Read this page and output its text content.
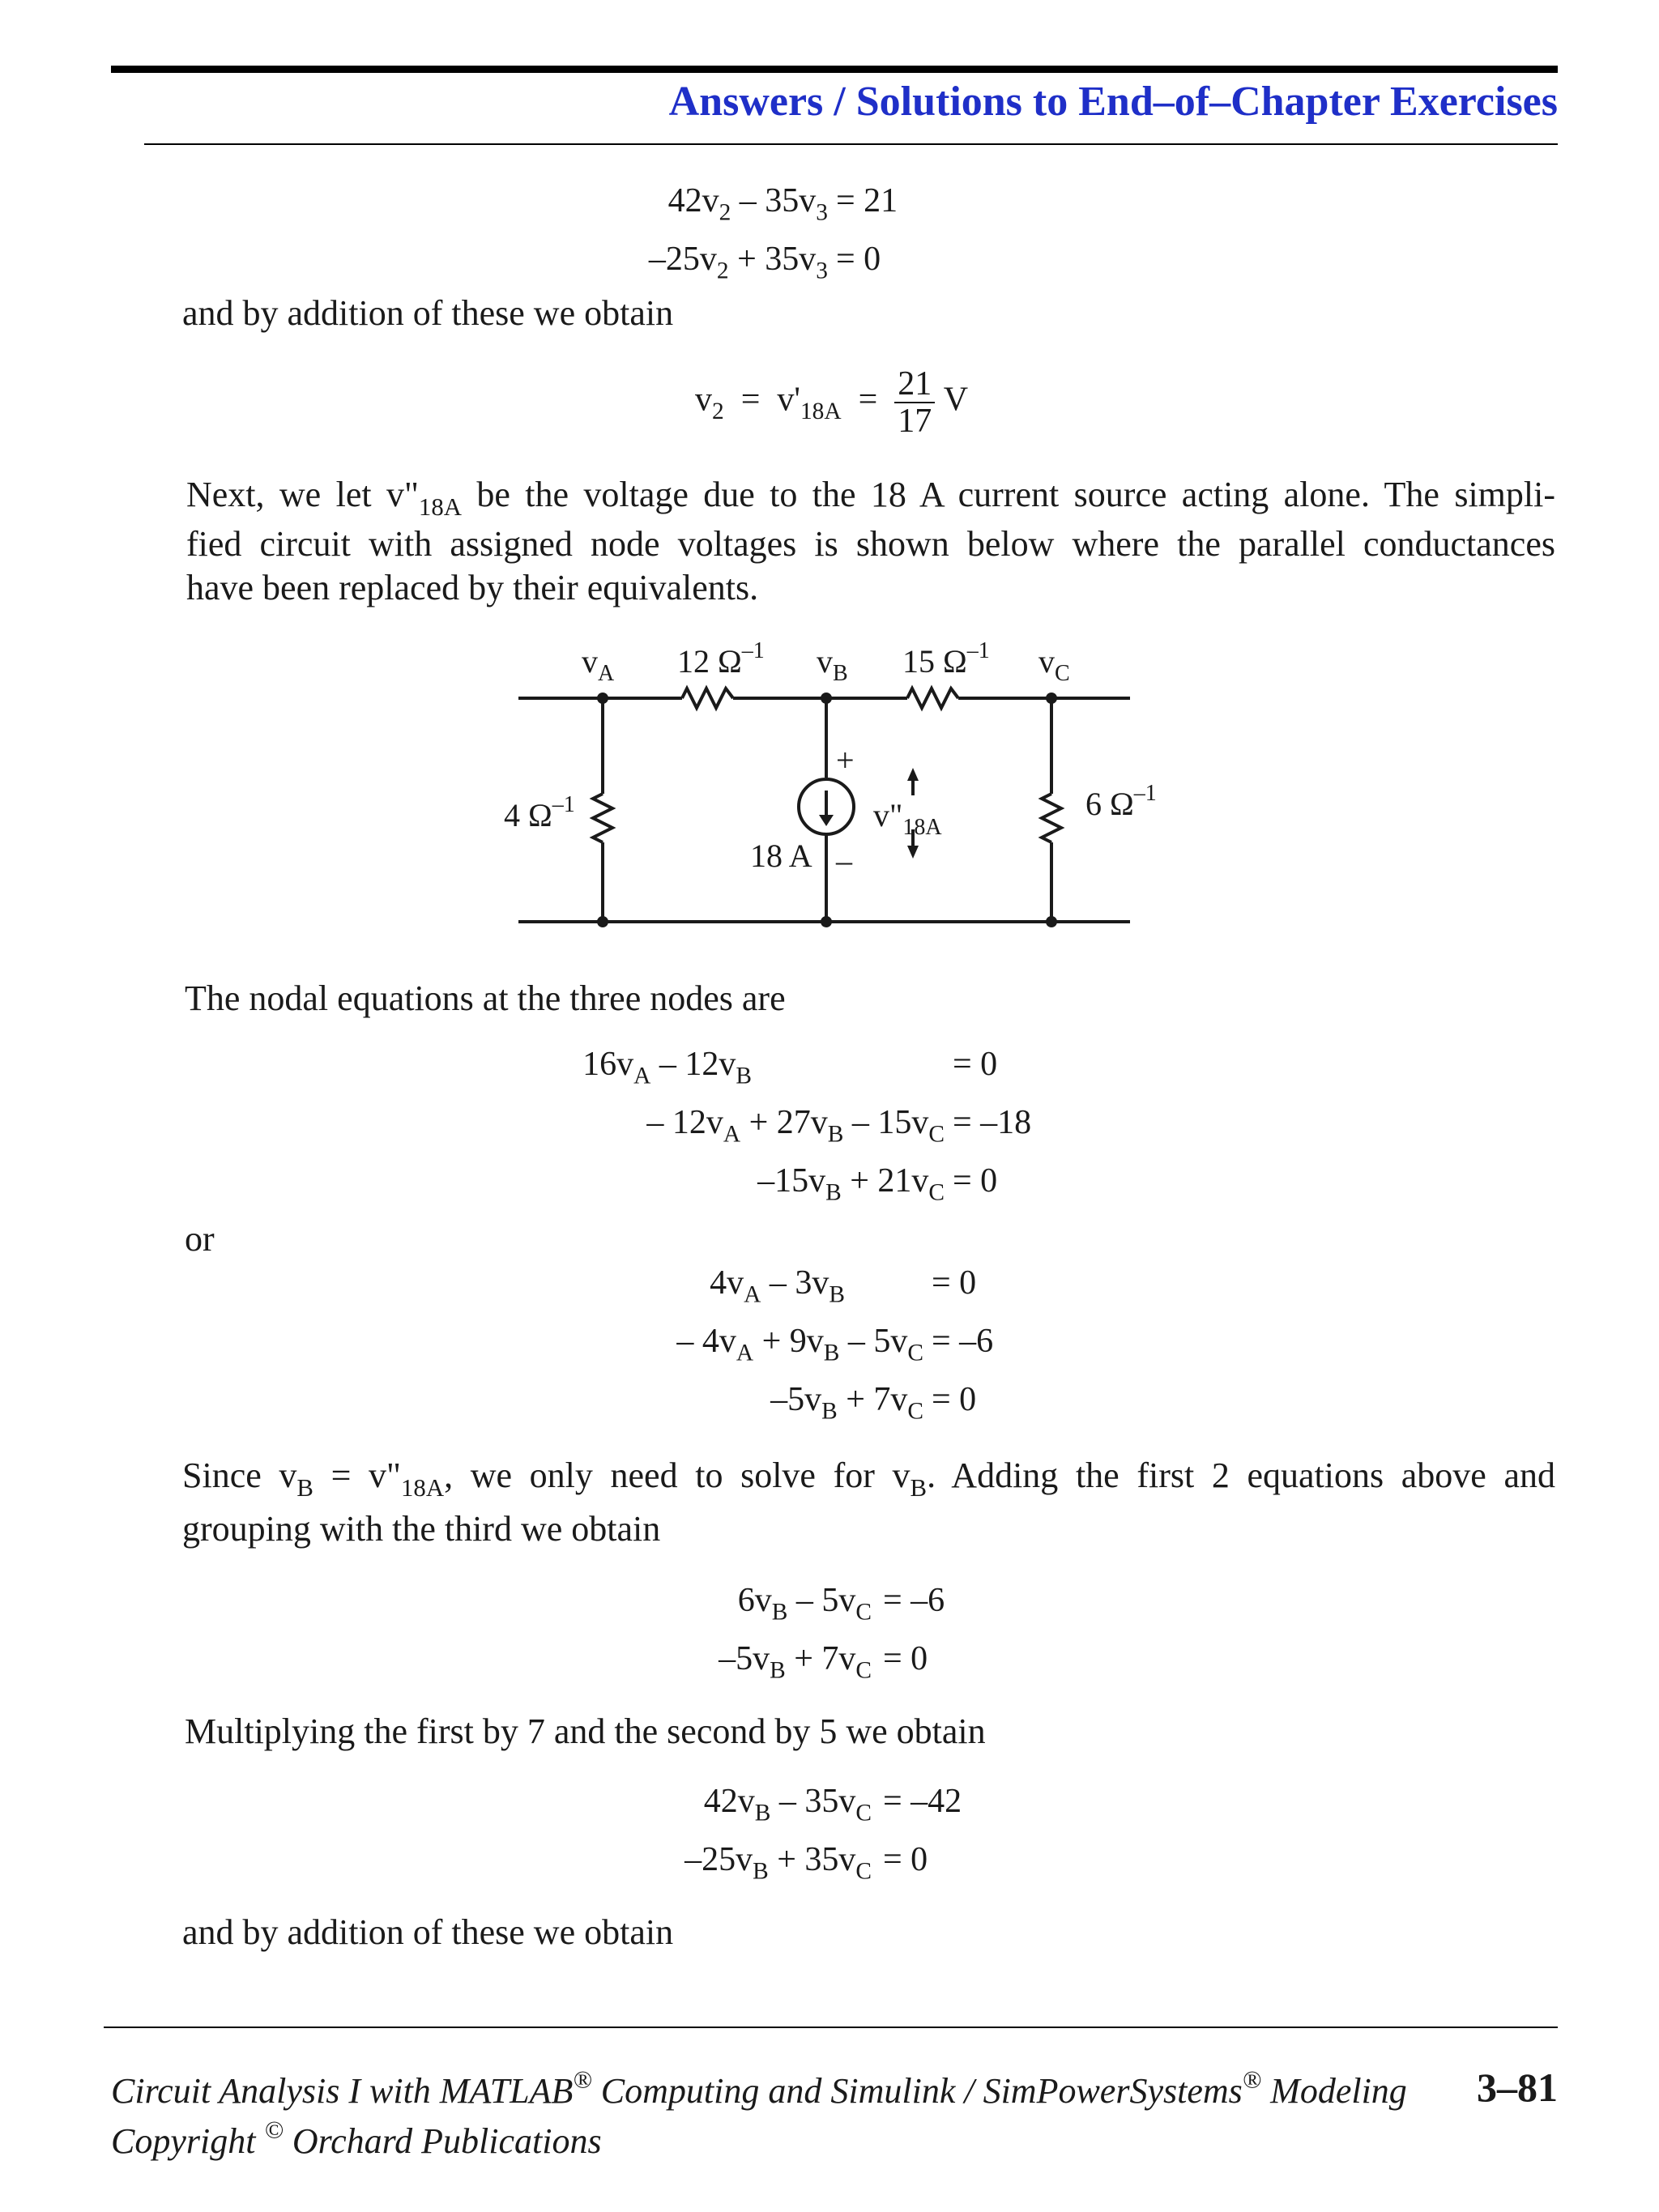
Answers / Solutions to End–of–Chapter Exercises
$42v_2 - 35v_3 = 21$
$-25v_2 + 35v_3 = 0$
and by addition of these we obtain
$v_2 = v'_{18A} = \frac{21}{17}$ V
Next, we let $v"_{18A}$ be the voltage due to the 18 A current source acting alone. The simpli-
fied circuit with assigned node voltages is shown below where the parallel conductances
have been replaced by their equivalents.
$v_A$ 12 $\Omega^{-1}$ $v_B$ 15 $\Omega^{-1}$ $v_C$
4 $\Omega^{-1}$	6 $\Omega^{-1}$
18 A
+
–
$v"_{18A}$
The nodal equations at the three nodes are
$16v_A - 12v_B$	= 0
– $12v_A + 27v_B - 15v_C = -18$
$-15v_B + 21v_C = 0$
or
$4v_A - 3v_B$	= 0
– $4v_A + 9v_B - 5v_C = -6$
$-5v_B + 7v_C = 0$
Since $v_B$ = $v"_{18A}$, we only need to solve for $v_B$. Adding the first 2 equations above and
grouping with the third we obtain
$6v_B - 5v_C = -6$
$-5v_B + 7v_C = 0$
Multiplying the first by 7 and the second by 5 we obtain
$42v_B - 35v_C = -42$
$-25v_B + 35v_C = 0$
and by addition of these we obtain
Circuit Analysis I with MATLAB® Computing and Simulink / SimPowerSystems® Modeling
Copyright © Orchard Publications
3–81
